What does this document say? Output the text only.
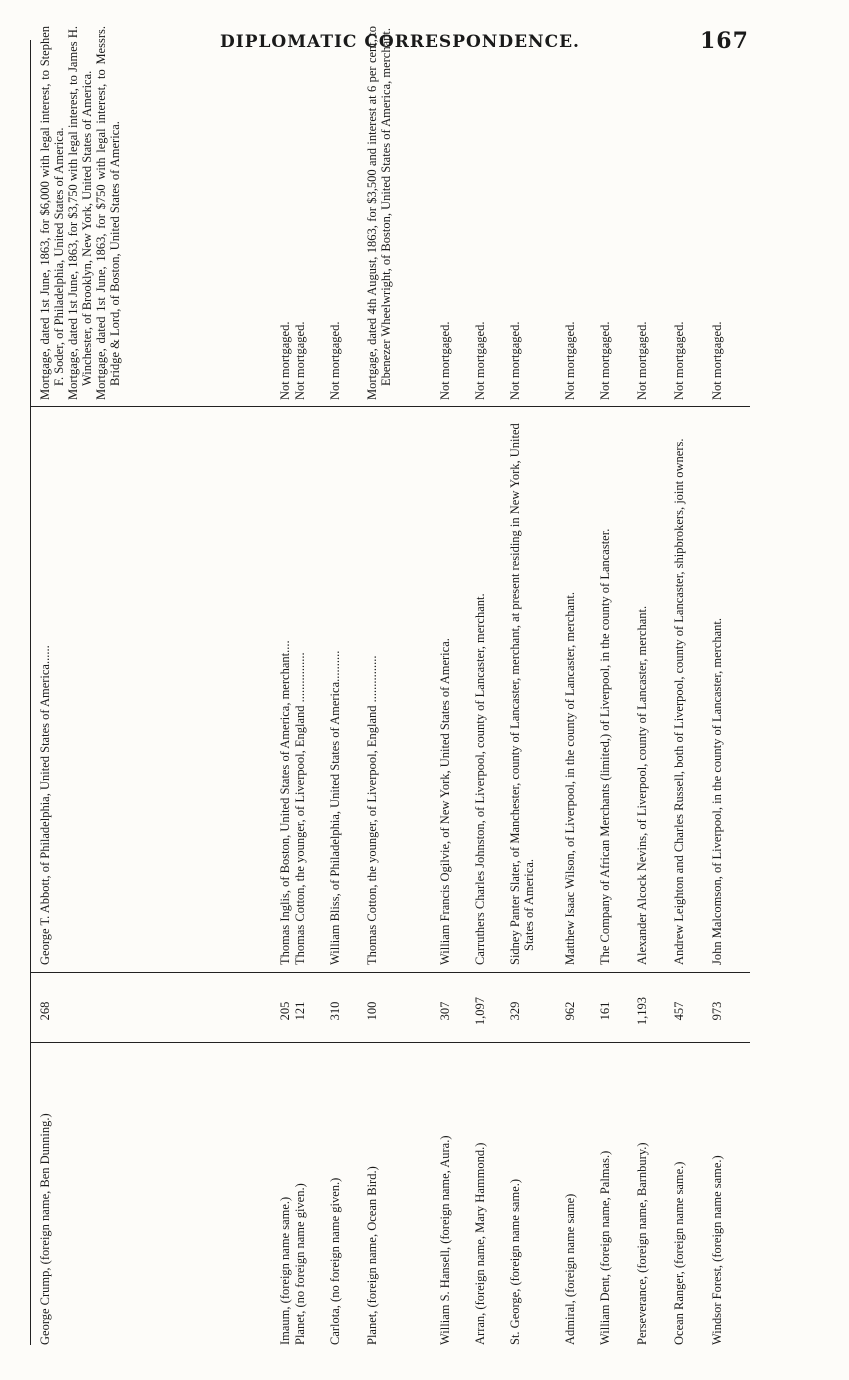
DIPLOMATIC CORRESPONDENCE.	167
George Crump, (foreign name, Ben Dunning.)
268
George T. Abbott, of Philadelphia, United States of America......
Mortgage, dated 1st June, 1863, for $6,000 with legal interest, to Stephen F. Soder, of Philadelphia, United States of America. Mortgage, dated 1st June, 1863, for $3,750 with legal interest, to James H. Winchester, of Brooklyn, New York, United States of America. Mortgage, dated 1st June, 1863, for $750 with legal interest, to Messrs. Bridge & Lord, of Boston, United States of America.
Imaum, (foreign name same.)
205
Thomas Inglis, of Boston, United States of America, merchant....
Not mortgaged.
Planet, (no foreign name given.)
121
Thomas Cotton, the younger, of Liverpool, England ................
Not mortgaged.
Carlota, (no foreign name given.)
310
William Bliss, of Philadelphia, United States of America..........
Not mortgaged.
Planet, (foreign name, Ocean Bird.)
100
Thomas Cotton, the younger, of Liverpool, England ...............
Mortgage, dated 4th August, 1863, for $3,500 and interest at 6 per cent, to Ebenezer Wheelwright, of Boston, United States of America, merchant.
William S. Hansell, (foreign name, Aura.)
307
William Francis Ogilvie, of New York, United States of America.
Not mortgaged.
Arran, (foreign name, Mary Hammond.)
1,097
Carruthers Charles Johnston, of Liverpool, county of Lancaster, merchant.
Not mortgaged.
St. George, (foreign name same.)
329
Sidney Panter Slater, of Manchester, county of Lancaster, merchant, at present residing in New York, United States of America.
Not mortgaged.
Admiral, (foreign name same)
962
Matthew Isaac Wilson, of Liverpool, in the county of Lancaster, merchant.
Not mortgaged.
William Dent, (foreign name, Palmas.)
161
The Company of African Merchants (limited,) of Liverpool, in the county of Lancaster.
Not mortgaged.
Perseverance, (foreign name, Barnbury.)
1,193
Alexander Alcock Nevins, of Liverpool, county of Lancaster, merchant.
Not mortgaged.
Ocean Ranger, (foreign name same.)
457
Andrew Leighton and Charles Russell, both of Liverpool, county of Lancaster, shipbrokers, joint owners.
Not mortgaged.
Windsor Forest, (foreign name same.)
973
John Malcomson, of Liverpool, in the county of Lancaster, merchant.
Not mortgaged.
